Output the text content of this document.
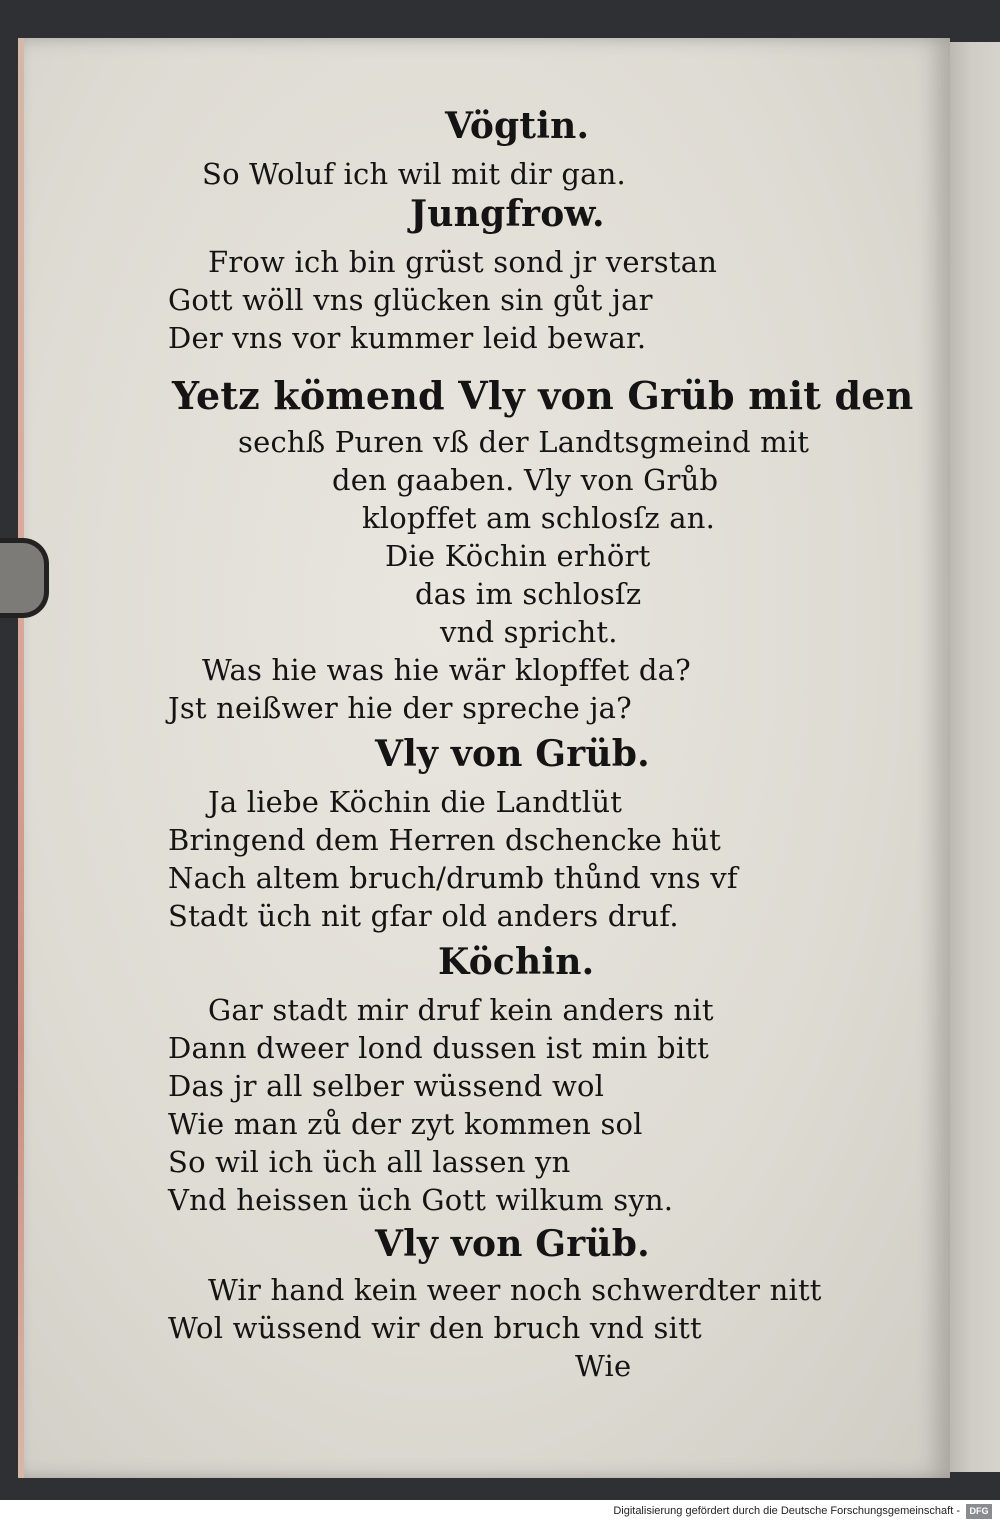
Vögtin.
So Woluf ich wil mit dir gan.
Jungfrow.
Frow ich bin grüst sond jr verstan
Gott wöll vns glücken sin gůt jar
Der vns vor kummer leid bewar.
Yetz kömend Vly von Grüb mit den
sechß Puren vß der Landtsgmeind mit
den gaaben. Vly von Grůb
klopffet am schlosſz an.
Die Köchin erhört
das im schlosſz
vnd spricht.
Was hie was hie wär klopffet da?
Jst neißwer hie der spreche ja?
Vly von Grüb.
Ja liebe Köchin die Landtlüt
Bringend dem Herren dschencke hüt
Nach altem bruch/drumb thůnd vns vf
Stadt üch nit gfar old anders druf.
Köchin.
Gar stadt mir druf kein anders nit
Dann dweer lond dussen ist min bitt
Das jr all selber wüssend wol
Wie man zů der zyt kommen sol
So wil ich üch all lassen yn
Vnd heissen üch Gott wilkum syn.
Vly von Grüb.
Wir hand kein weer noch schwerdter nitt
Wol wüssend wir den bruch vnd sitt
Wie
Digitalisierung gefördert durch die Deutsche Forschungsgemeinschaft -	DFG
